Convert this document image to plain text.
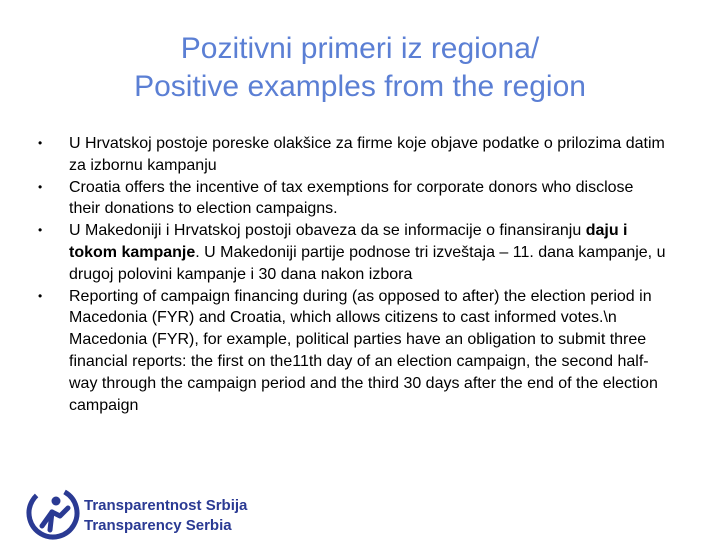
Pozitivni primeri iz regiona/
Positive examples from the region
• U Hrvatskoj postoje poreske olakšice za firme koje objave podatke o prilozima datim za izbornu kampanju
• Croatia offers the incentive of tax exemptions for corporate donors who disclose their donations to election campaigns.
• U Makedoniji i Hrvatskoj postoji obaveza da se informacije o finansiranju daju i tokom kampanje. U Makedoniji partije podnose tri izveštaja – 11. dana kampanje, u drugoj polovini kampanje i 30 dana nakon izbora
• Reporting of campaign financing during (as opposed to after) the election period in Macedonia (FYR) and Croatia, which allows citizens to cast informed votes.\n Macedonia (FYR), for example, political parties have an obligation to submit three financial reports: the first on the11th day of an election campaign, the second half-way through the campaign period and the third 30 days after the end of the election campaign
Transparentnost Srbija
Transparency Serbia
